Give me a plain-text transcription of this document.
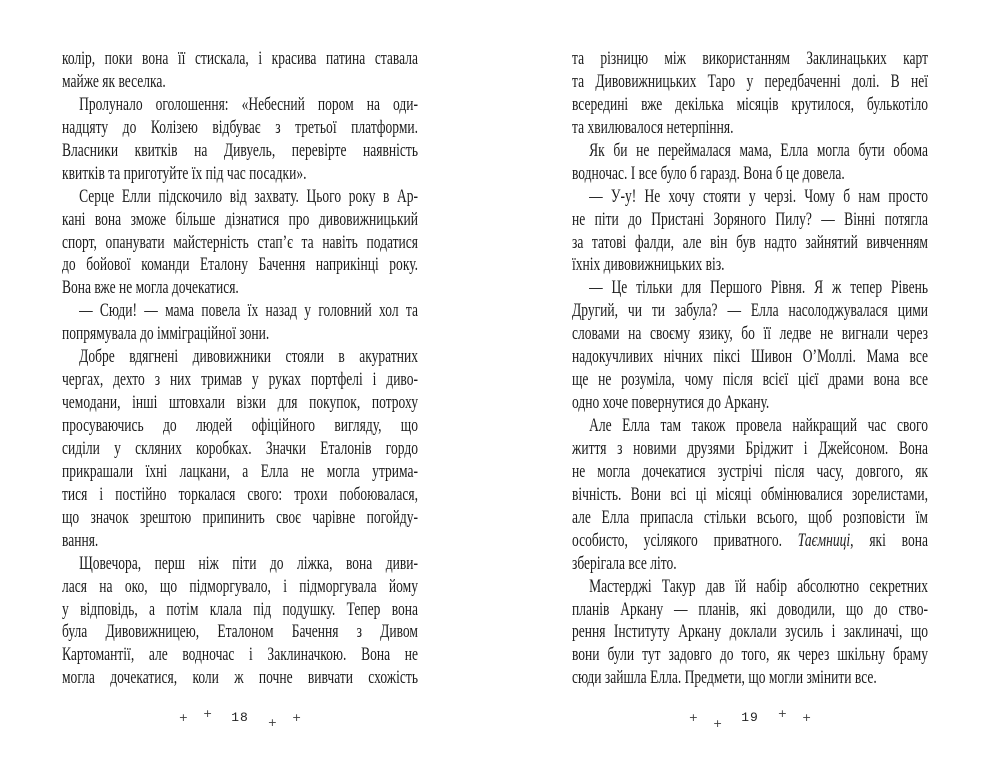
колір, поки вона її стискала, і красива патина ставала
майже як веселка.
Пролунало оголошення: «Небесний пором на оди-
надцяту до Колізею відбуває з третьої платформи.
Власники квитків на Дивуель, перевірте наявність
квитків та приготуйте їх під час посадки».
Серце Елли підскочило від захвату. Цього року в Ар-
кані вона зможе більше дізнатися про дивовижницький
спорт, опанувати майстерність стап’є та навіть податися
до бойової команди Еталону Бачення наприкінці року.
Вона вже не могла дочекатися.
— Сюди! — мама повела їх назад у головний хол та
попрямувала до імміграційної зони.
Добре вдягнені дивовижники стояли в акуратних
чергах, дехто з них тримав у руках портфелі і диво-
чемодани, інші штовхали візки для покупок, потроху
просуваючись до людей офіційного вигляду, що
сиділи у скляних коробках. Значки Еталонів гордо
прикрашали їхні лацкани, а Елла не могла утрима-
тися і постійно торкалася свого: трохи побоювалася,
що значок зрештою припинить своє чарівне погойду-
вання.
Щовечора, перш ніж піти до ліжка, вона диви-
лася на око, що підморгувало, і підморгувала йому
у відповідь, а потім клала під подушку. Тепер вона
була Дивовижницею, Еталоном Бачення з Дивом
Картомантії, але водночас і Заклиначкою. Вона не
могла дочекатися, коли ж почне вивчати схожість
+ + 18 + +
та різницю між використанням Заклинацьких карт
та Дивовижницьких Таро у передбаченні долі. В неї
всередині вже декілька місяців крутилося, булькотіло
та хвилювалося нетерпіння.
Як би не переймалася мама, Елла могла бути обома
водночас. І все було б гаразд. Вона б це довела.
— У-у! Не хочу стояти у черзі. Чому б нам просто
не піти до Пристані Зоряного Пилу? — Вінні потягла
за татові фалди, але він був надто зайнятий вивченням
їхніх дивовижницьких віз.
— Це тільки для Першого Рівня. Я ж тепер Рівень
Другий, чи ти забула? — Елла насолоджувалася цими
словами на своєму язику, бо її ледве не вигнали через
надокучливих нічних піксі Шивон О’Моллі. Мама все
ще не розуміла, чому після всієї цієї драми вона все
одно хоче повернутися до Аркану.
Але Елла там також провела найкращий час свого
життя з новими друзями Бріджит і Джейсоном. Вона
не могла дочекатися зустрічі після часу, довгого, як
вічність. Вони всі ці місяці обмінювалися зорелистами,
але Елла припасла стільки всього, щоб розповісти їм
особисто, усілякого приватного. Таємниці, які вона
зберігала все літо.
Мастерджі Такур дав їй набір абсолютно секретних
планів Аркану — планів, які доводили, що до ство-
рення Інституту Аркану доклали зусиль і заклиначі, що
вони були тут задовго до того, як через шкільну браму
сюди зайшла Елла. Предмети, що могли змінити все.
+ + 19 + +
